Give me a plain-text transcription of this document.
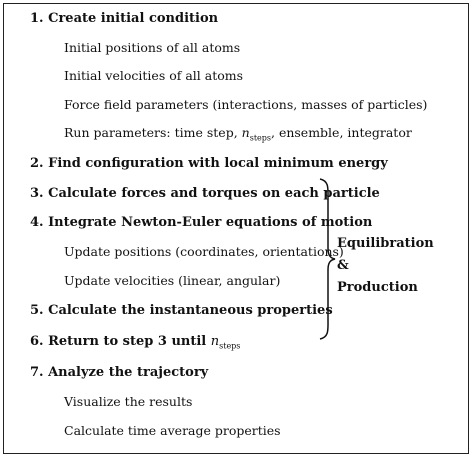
1. Create initial condition
Initial positions of all atoms
Initial velocities of all atoms
Force field parameters (interactions, masses of particles)
Run parameters: time step, $n_{steps}$, ensemble, integrator
2. Find configuration with local minimum energy
3. Calculate forces and torques on each particle
4. Integrate Newton-Euler equations of motion
Update positions (coordinates, orientations)
Update velocities (linear, angular)
5. Calculate the instantaneous properties
6. Return to step 3 until $n_{steps}$
7. Analyze the trajectory
Visualize the results
Calculate time average properties
Equilibration
&
Production
